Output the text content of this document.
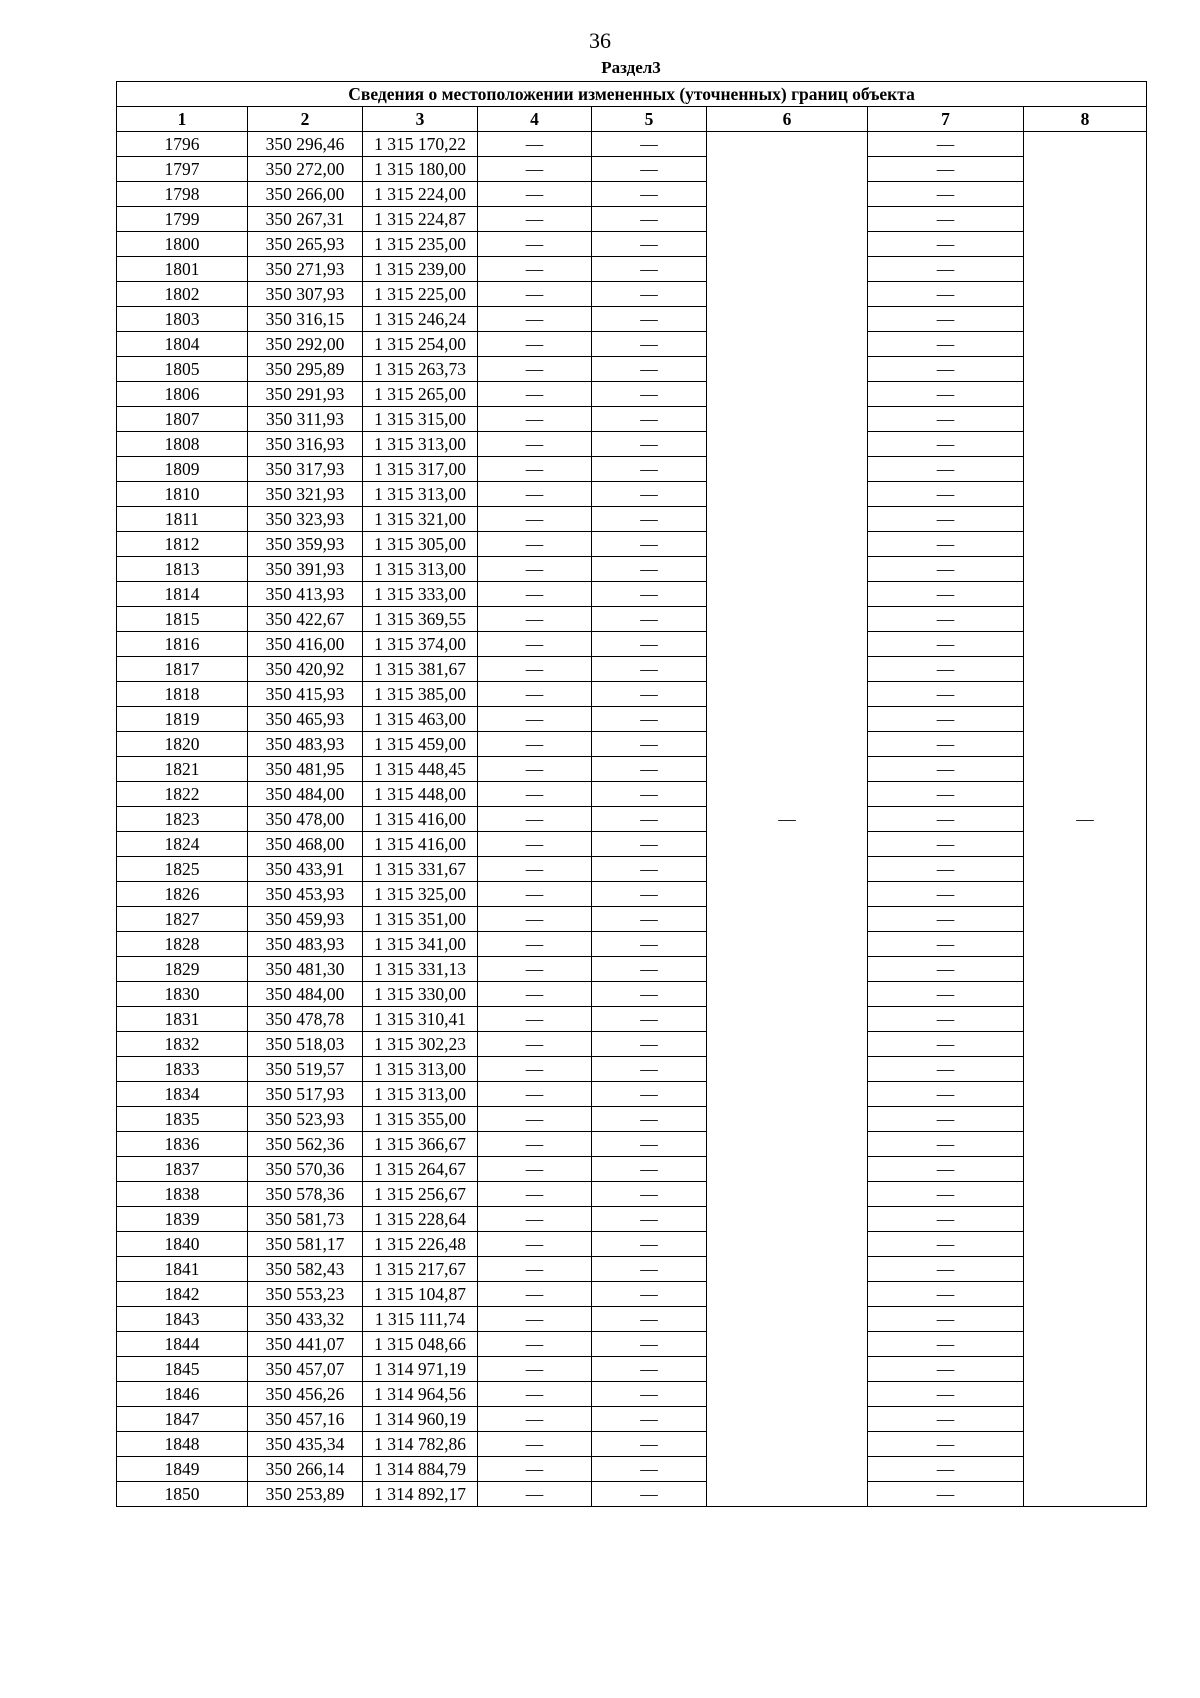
36
Раздел3
Сведения о местоположении измененных (уточненных) границ объекта							
1	2	3	4	5	6	7	8
1796	350 296,46	1 315 170,22	—	—	—	—	—
1797	350 272,00	1 315 180,00	—	—		—	
1798	350 266,00	1 315 224,00	—	—		—	
1799	350 267,31	1 315 224,87	—	—		—	
1800	350 265,93	1 315 235,00	—	—		—	
1801	350 271,93	1 315 239,00	—	—		—	
1802	350 307,93	1 315 225,00	—	—		—	
1803	350 316,15	1 315 246,24	—	—		—	
1804	350 292,00	1 315 254,00	—	—		—	
1805	350 295,89	1 315 263,73	—	—		—	
1806	350 291,93	1 315 265,00	—	—		—	
1807	350 311,93	1 315 315,00	—	—		—	
1808	350 316,93	1 315 313,00	—	—		—	
1809	350 317,93	1 315 317,00	—	—		—	
1810	350 321,93	1 315 313,00	—	—		—	
1811	350 323,93	1 315 321,00	—	—		—	
1812	350 359,93	1 315 305,00	—	—		—	
1813	350 391,93	1 315 313,00	—	—		—	
1814	350 413,93	1 315 333,00	—	—		—	
1815	350 422,67	1 315 369,55	—	—		—	
1816	350 416,00	1 315 374,00	—	—		—	
1817	350 420,92	1 315 381,67	—	—		—	
1818	350 415,93	1 315 385,00	—	—		—	
1819	350 465,93	1 315 463,00	—	—		—	
1820	350 483,93	1 315 459,00	—	—		—	
1821	350 481,95	1 315 448,45	—	—		—	
1822	350 484,00	1 315 448,00	—	—		—	
1823	350 478,00	1 315 416,00	—	—		—	
1824	350 468,00	1 315 416,00	—	—		—	
1825	350 433,91	1 315 331,67	—	—		—	
1826	350 453,93	1 315 325,00	—	—		—	
1827	350 459,93	1 315 351,00	—	—		—	
1828	350 483,93	1 315 341,00	—	—		—	
1829	350 481,30	1 315 331,13	—	—		—	
1830	350 484,00	1 315 330,00	—	—		—	
1831	350 478,78	1 315 310,41	—	—		—	
1832	350 518,03	1 315 302,23	—	—		—	
1833	350 519,57	1 315 313,00	—	—		—	
1834	350 517,93	1 315 313,00	—	—		—	
1835	350 523,93	1 315 355,00	—	—		—	
1836	350 562,36	1 315 366,67	—	—		—	
1837	350 570,36	1 315 264,67	—	—		—	
1838	350 578,36	1 315 256,67	—	—		—	
1839	350 581,73	1 315 228,64	—	—		—	
1840	350 581,17	1 315 226,48	—	—		—	
1841	350 582,43	1 315 217,67	—	—		—	
1842	350 553,23	1 315 104,87	—	—		—	
1843	350 433,32	1 315 111,74	—	—		—	
1844	350 441,07	1 315 048,66	—	—		—	
1845	350 457,07	1 314 971,19	—	—		—	
1846	350 456,26	1 314 964,56	—	—		—	
1847	350 457,16	1 314 960,19	—	—		—	
1848	350 435,34	1 314 782,86	—	—		—	
1849	350 266,14	1 314 884,79	—	—		—	
1850	350 253,89	1 314 892,17	—	—		—	
